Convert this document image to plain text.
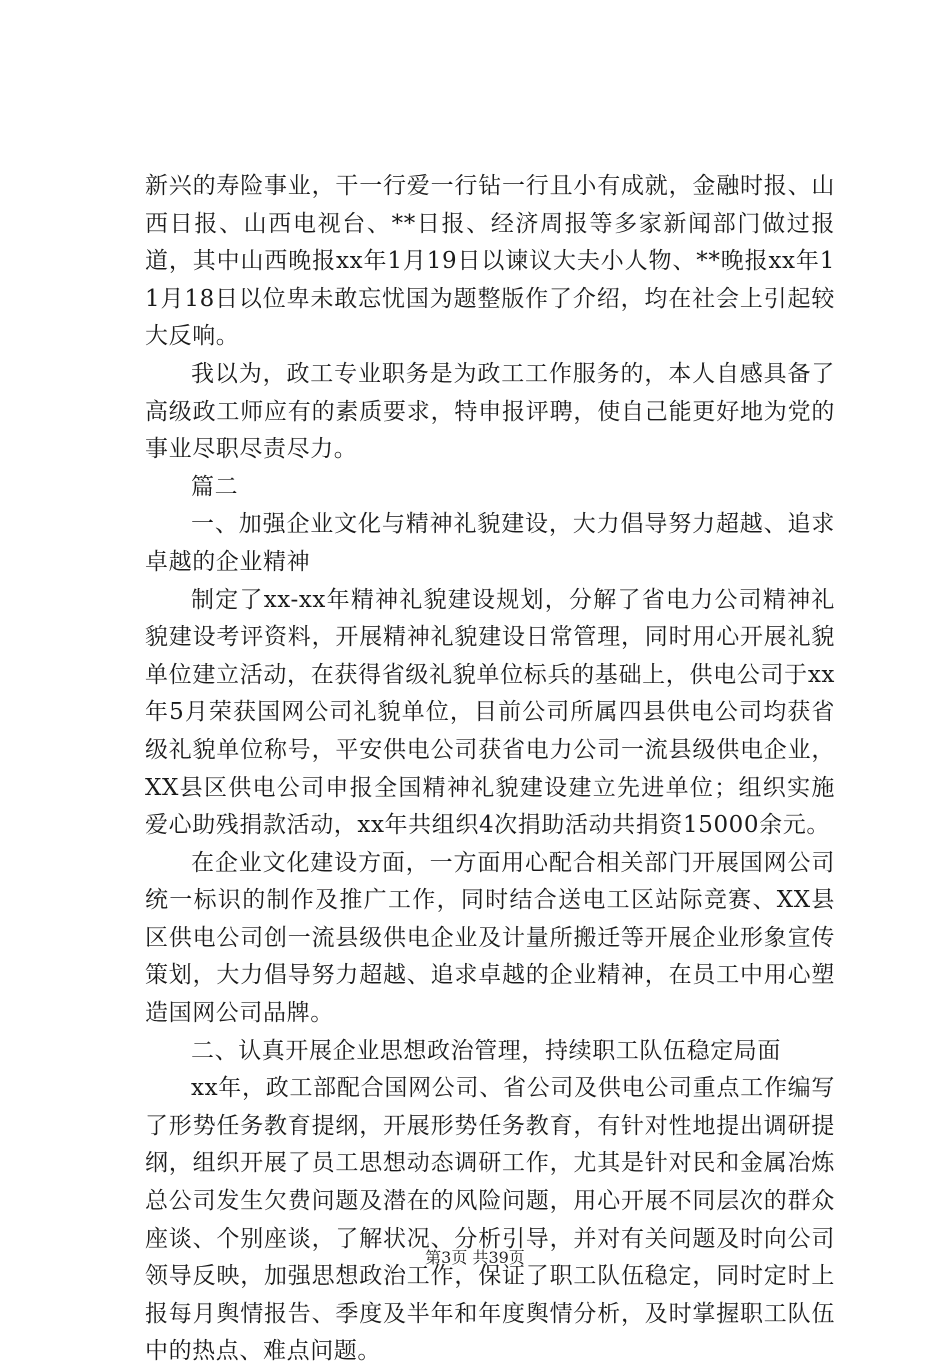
新兴的寿险事业，干一行爱一行钻一行且小有成就，金融时报、山西日报、山西电视台、**日报、经济周报等多家新闻部门做过报道，其中山西晚报xx年1月19日以谏议大夫小人物、**晚报xx年11月18日以位卑未敢忘忧国为题整版作了介绍，均在社会上引起较大反响。

我以为，政工专业职务是为政工工作服务的，本人自感具备了高级政工师应有的素质要求，特申报评聘，使自己能更好地为党的事业尽职尽责尽力。

篇二

一、加强企业文化与精神礼貌建设，大力倡导努力超越、追求卓越的企业精神

制定了xx-xx年精神礼貌建设规划，分解了省电力公司精神礼貌建设考评资料，开展精神礼貌建设日常管理，同时用心开展礼貌单位建立活动，在获得省级礼貌单位标兵的基础上，供电公司于xx年5月荣获国网公司礼貌单位，目前公司所属四县供电公司均获省级礼貌单位称号，平安供电公司获省电力公司一流县级供电企业，XX县区供电公司申报全国精神礼貌建设建立先进单位；组织实施爱心助残捐款活动，xx年共组织4次捐助活动共捐资15000余元。

在企业文化建设方面，一方面用心配合相关部门开展国网公司统一标识的制作及推广工作，同时结合送电工区站际竞赛、XX县区供电公司创一流县级供电企业及计量所搬迁等开展企业形象宣传策划，大力倡导努力超越、追求卓越的企业精神，在员工中用心塑造国网公司品牌。

二、认真开展企业思想政治管理，持续职工队伍稳定局面

xx年，政工部配合国网公司、省公司及供电公司重点工作编写了形势任务教育提纲，开展形势任务教育，有针对性地提出调研提纲，组织开展了员工思想动态调研工作，尤其是针对民和金属冶炼总公司发生欠费问题及潜在的风险问题，用心开展不同层次的群众座谈、个别座谈，了解状况、分析引导，并对有关问题及时向公司领导反映，加强思想政治工作，保证了职工队伍稳定，同时定时上报每月舆情报告、季度及半年和年度舆情分析，及时掌握职工队伍中的热点、难点问题。

第3页 共39页
